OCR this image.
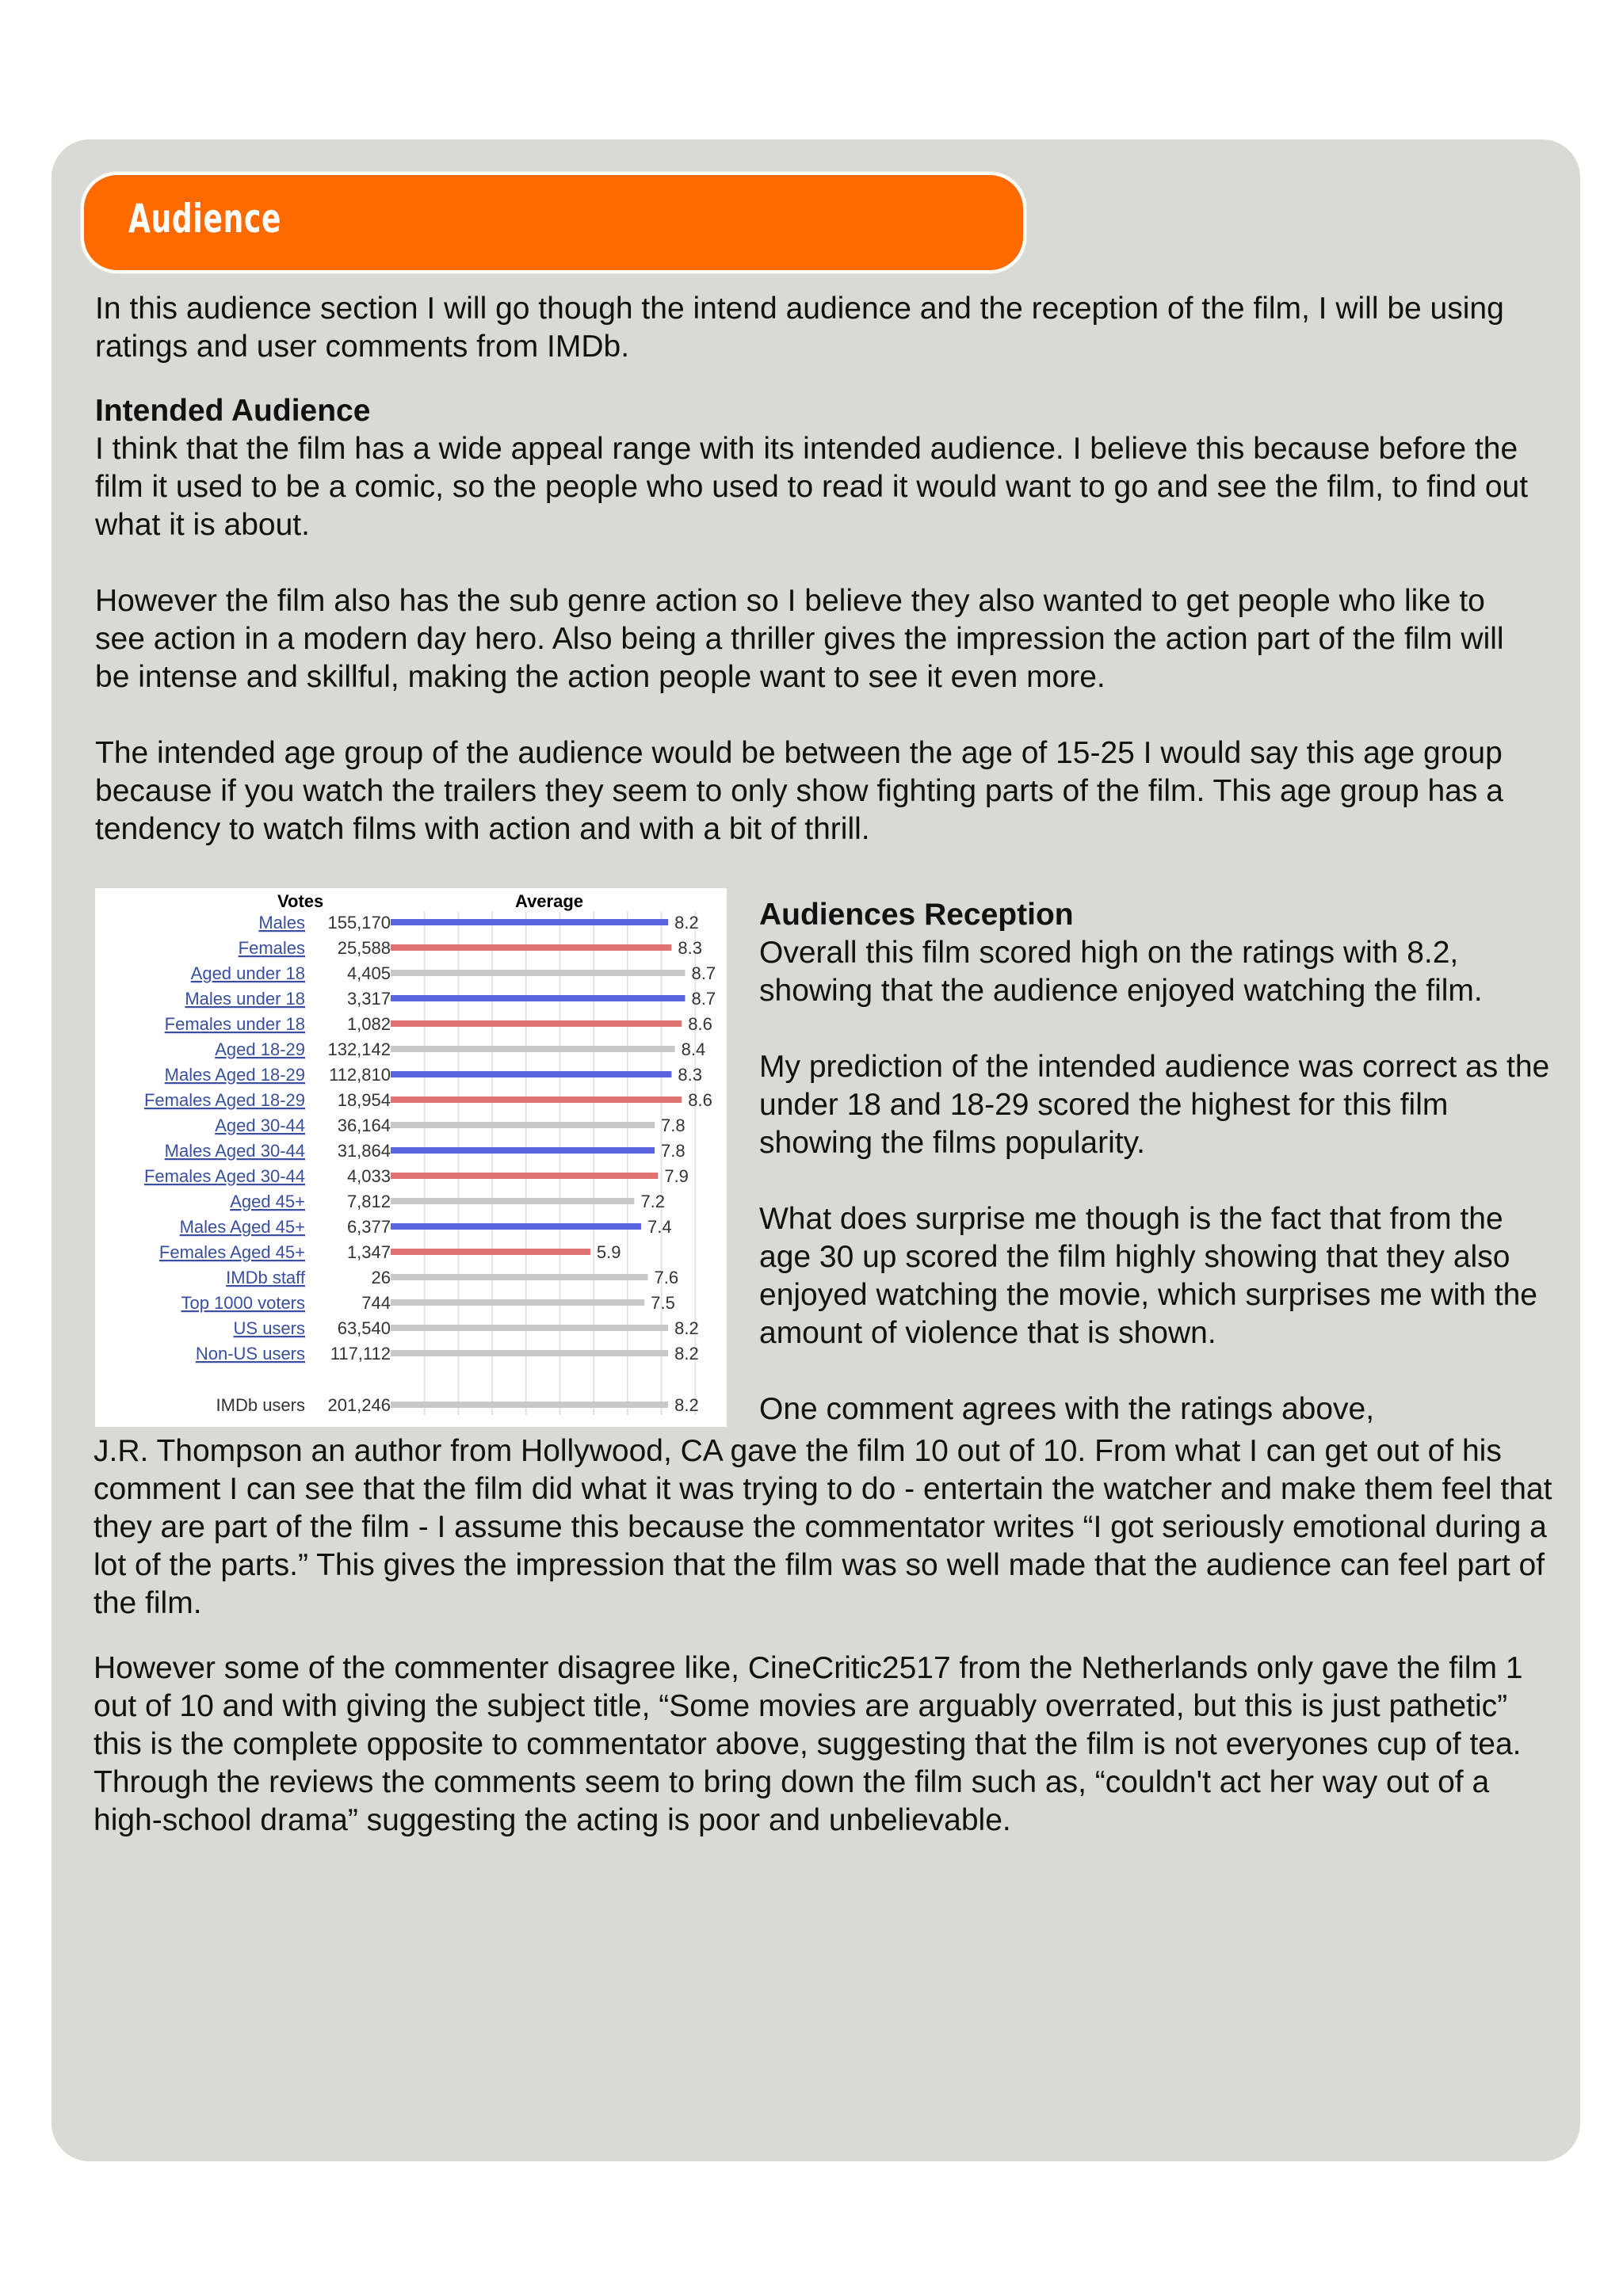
Audience

In this audience section I will go though the intend audience and the reception of the film, I will be using ratings and user comments from IMDb.

Intended Audience

I think that the film has a wide appeal range with its intended audience. I believe this because before the film it used to be a comic, so the people who used to read it would want to go and see the film, to find out what it is about.

However the film also has the sub genre action so I believe they also wanted to get people who like to see action in a modern day hero. Also being a thriller gives the impression the action part of the film will be intense and skillful, making the action people want to see it even more.

The intended age group of the audience would be between the age of 15-25 I would say this age group because if you watch the trailers they seem to only show fighting parts of the film. This age group has a tendency to watch films with action and with a bit of thrill.

Votes	Average
Males 155,170	8.2
Females 25,588	8.3
Aged under 18 4,405	8.7
Males under 18 3,317	8.7
Females under 18 1,082	8.6
Aged 18-29 132,142	8.4
Males Aged 18-29 112,810	8.3
Females Aged 18-29 18,954	8.6
Aged 30-44 36,164	7.8
Males Aged 30-44 31,864	7.8
Females Aged 30-44 4,033	7.9
Aged 45+ 7,812	7.2
Males Aged 45+ 6,377	7.4
Females Aged 45+ 1,347	5.9
IMDb staff	26	7.6
Top 1000 voters	744	7.5
US users 63,540	8.2
Non-US users 117,112	8.2
IMDb users 201,246	8.2

Audiences Reception

Overall this film scored high on the ratings with 8.2, showing that the audience enjoyed watching the film.

My prediction of the intended audience was correct as the under 18 and 18-29 scored the highest for this film showing the films popularity.

What does surprise me though is the fact that from the age 30 up scored the film highly showing that they also enjoyed watching the movie, which surprises me with the amount of violence that is shown.

One comment agrees with the ratings above,

J.R. Thompson an author from Hollywood, CA gave the film 10 out of 10. From what I can get out of his comment I can see that the film did what it was trying to do - entertain the watcher and make them feel that they are part of the film - I assume this because the commentator writes “I got seriously emotional during a lot of the parts.” This gives the impression that the film was so well made that the audience can feel part of the film.

However some of the commenter disagree like, CineCritic2517 from the Netherlands only gave the film 1 out of 10 and with giving the subject title, “Some movies are arguably overrated, but this is just pathetic” this is the complete opposite to commentator above, suggesting that the film is not everyones cup of tea. Through the reviews the comments seem to bring down the film such as, “couldn't act her way out of a high-school drama” suggesting the acting is poor and unbelievable.
